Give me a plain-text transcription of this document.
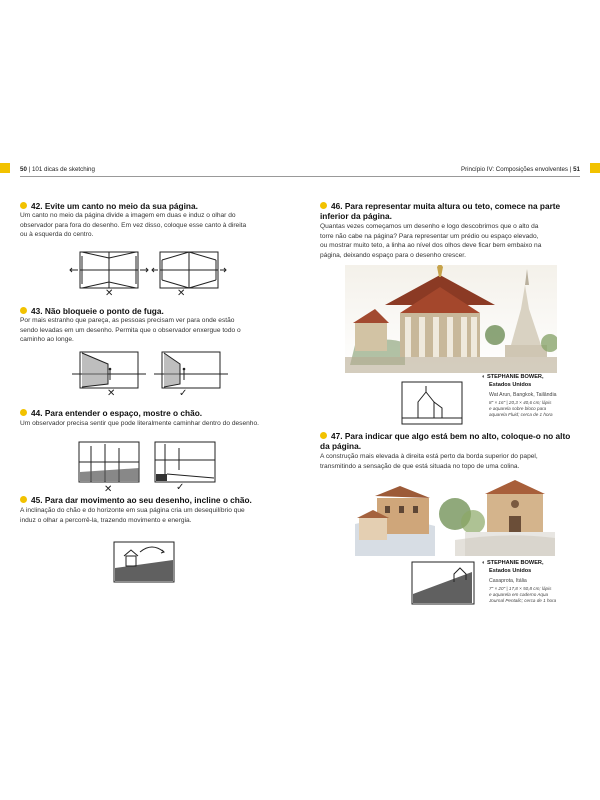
50 | 101 dicas de sketching	Princípio IV: Composições envolventes | 51
42. Evite um canto no meio da sua página.
Um canto no meio da página divide a imagem em duas e induz o olhar do
observador para fora do desenho. Em vez disso, coloque esse canto à direita
ou à esquerda do centro.
✕	✕
43. Não bloqueie o ponto de fuga.
Por mais estranho que pareça, as pessoas precisam ver para onde estão
sendo levadas em um desenho. Permita que o observador enxergue todo o
caminho ao longe.
✕	✓
44. Para entender o espaço, mostre o chão.
Um observador precisa sentir que pode literalmente caminhar dentro do desenho.
✕	✓
45. Para dar movimento ao seu desenho, incline o chão.
A inclinação do chão e do horizonte em sua página cria um desequilíbrio que
induz o olhar a percorrê-la, trazendo movimento e energia.
46. Para representar muita altura ou teto, comece na parte
inferior da página.
Quantas vezes começamos um desenho e logo descobrimos que o alto da
torre não cabe na página? Para representar um prédio ou espaço elevado,
ou mostrar muito teto, a linha ao nível dos olhos deve ficar bem embaixo na
página, deixando espaço para o desenho crescer.
◐ STEPHANIE BOWER,
Estados Unidos
Wat Arun, Bangkok, Tailândia
8" × 16" | 20,3 × 40,6 cm; lápis
e aquarela sobre bloco para
aquarela Fluid; cerca de 1 hora
47. Para indicar que algo está bem no alto, coloque-o no alto
da página.
A construção mais elevada à direita está perto da borda superior do papel,
transmitindo a sensação de que está situada no topo de uma colina.
◐ STEPHANIE BOWER,
Estados Unidos
Casaprota, Itália
7" × 20" | 17,8 × 50,8 cm; lápis
e aquarela em caderno Aqua
Journal Pentalic; cerca de 1 hora
